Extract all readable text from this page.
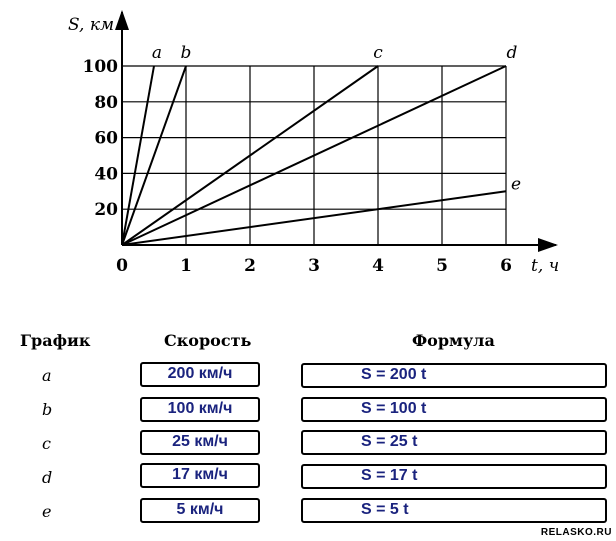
0	1	2	3	4	5	6
20
40
60
80
100
a b	c	d
e
S, км
t, ч
График	Скорость	Формула
a	200 км/ч	S = 200 t
b	100 км/ч	S = 100 t
c	25 км/ч	S = 25 t
d	17 км/ч	S = 17 t
e	5 км/ч	S = 5 t
RELASKO.RU
